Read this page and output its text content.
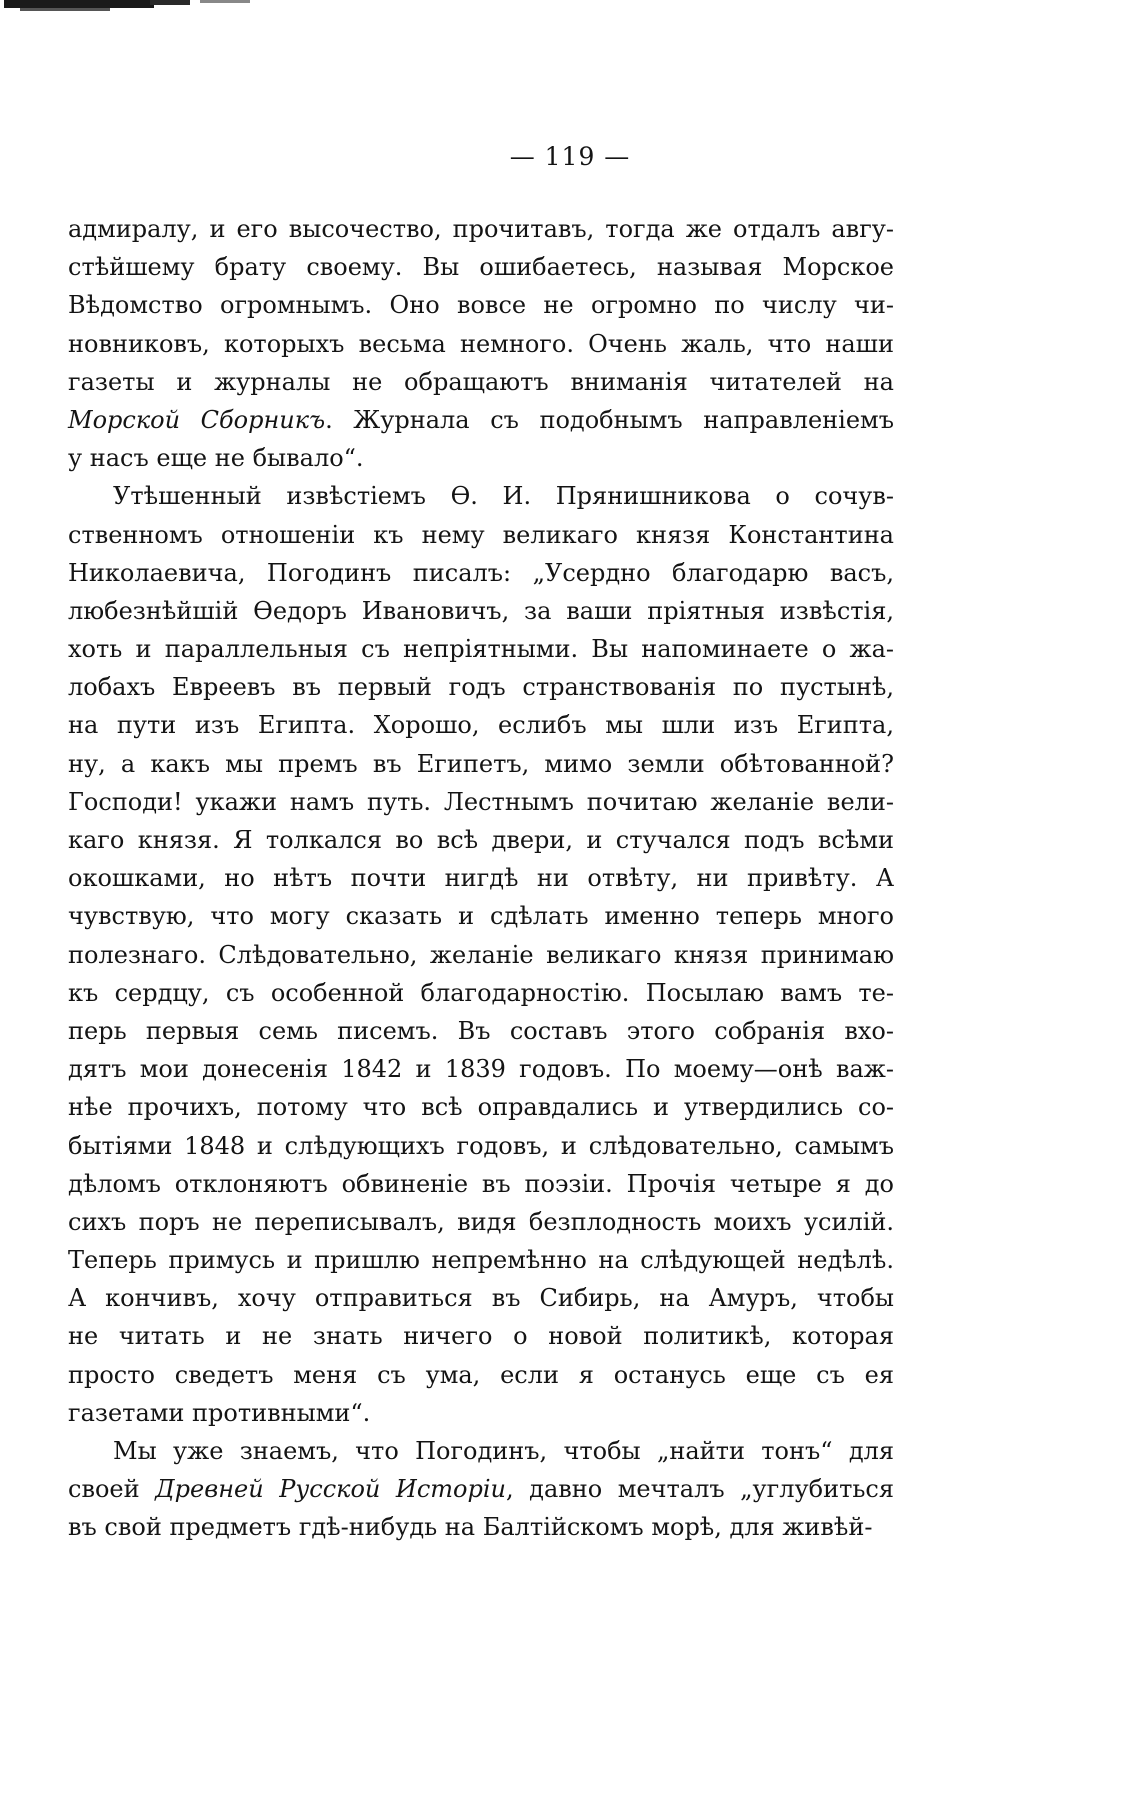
— 119 —
адмиралу, и его высочество, прочитавъ, тогда же отдалъ авгу-
стѣйшему брату своему. Вы ошибаетесь, называя Морское
Вѣдомство огромнымъ. Оно вовсе не огромно по числу чи-
новниковъ, которыхъ весьма немного. Очень жаль, что наши
газеты и журналы не обращаютъ вниманія читателей на
Морской Сборникъ. Журнала съ подобнымъ направленіемъ
у насъ еще не бывало“.
Утѣшенный извѣстіемъ Ѳ. И. Прянишникова о сочув-
ственномъ отношеніи къ нему великаго князя Константина
Николаевича, Погодинъ писалъ: „Усердно благодарю васъ,
любезнѣйшій Ѳедоръ Ивановичъ, за ваши пріятныя извѣстія,
хоть и параллельныя съ непріятными. Вы напоминаете о жа-
лобахъ Евреевъ въ первый годъ странствованія по пустынѣ,
на пути изъ Египта. Хорошо, еслибъ мы шли изъ Египта,
ну, а какъ мы премъ въ Египетъ, мимо земли обѣтованной?
Господи! укажи намъ путь. Лестнымъ почитаю желаніе вели-
каго князя. Я толкался во всѣ двери, и стучался подъ всѣми
окошками, но нѣтъ почти нигдѣ ни отвѣту, ни привѣту. А
чувствую, что могу сказать и сдѣлать именно теперь много
полезнаго. Слѣдовательно, желаніе великаго князя принимаю
къ сердцу, съ особенной благодарностію. Посылаю вамъ те-
перь первыя семь писемъ. Въ составъ этого собранія вхо-
дятъ мои донесенія 1842 и 1839 годовъ. По моему—онѣ важ-
нѣе прочихъ, потому что всѣ оправдались и утвердились со-
бытіями 1848 и слѣдующихъ годовъ, и слѣдовательно, самымъ
дѣломъ отклоняютъ обвиненіе въ поэзіи. Прочія четыре я до
сихъ поръ не переписывалъ, видя безплодность моихъ усилій.
Теперь примусь и пришлю непремѣнно на слѣдующей недѣлѣ.
А кончивъ, хочу отправиться въ Сибирь, на Амуръ, чтобы
не читать и не знать ничего о новой политикѣ, которая
просто сведетъ меня съ ума, если я останусь еще съ ея
газетами противными“.
Мы уже знаемъ, что Погодинъ, чтобы „найти тонъ“ для
своей Древней Русской Исторіи, давно мечталъ „углубиться
въ свой предметъ гдѣ-нибудь на Балтійскомъ морѣ, для живѣй-
